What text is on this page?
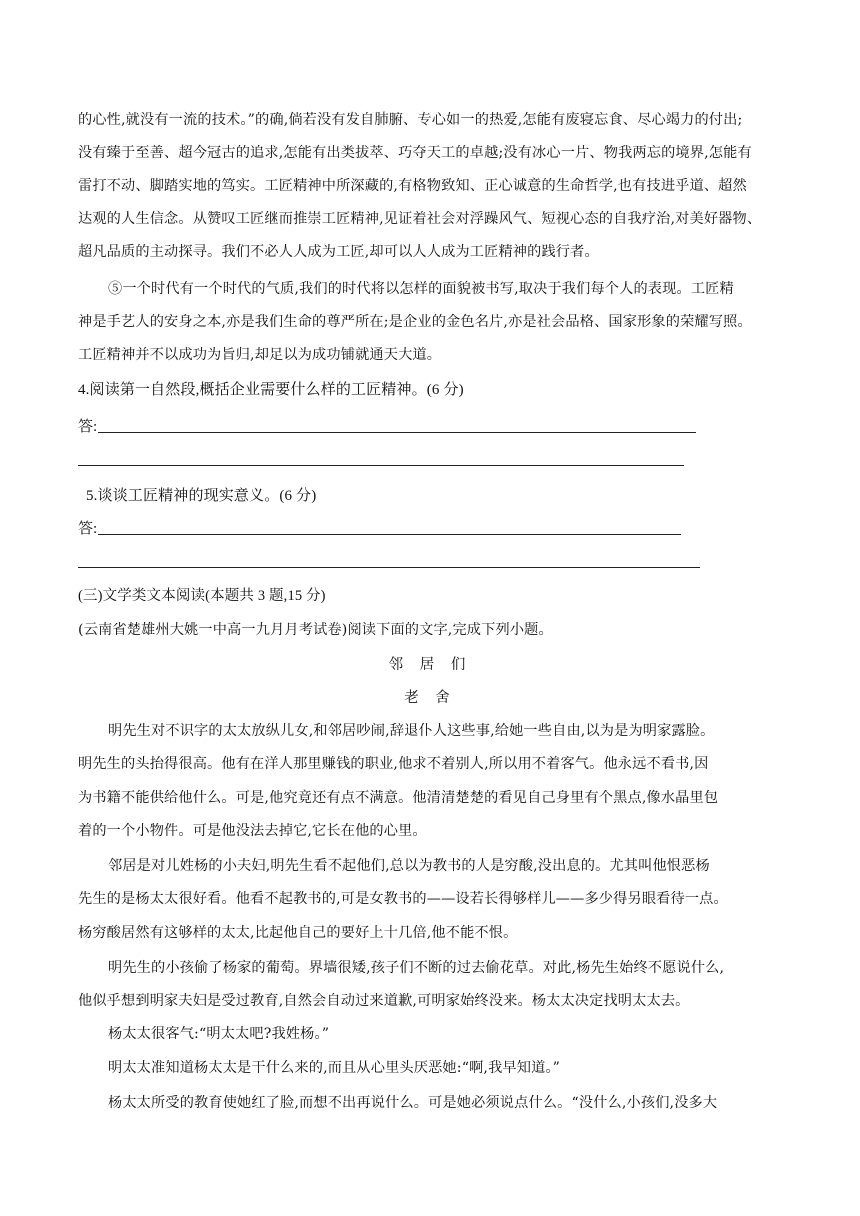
的心性,就没有一流的技术。”的确,倘若没有发自肺腑、专心如一的热爱,怎能有废寝忘食、尽心竭力的付出;
没有臻于至善、超今冠古的追求,怎能有出类拔萃、巧夺天工的卓越;没有冰心一片、物我两忘的境界,怎能有
雷打不动、脚踏实地的笃实。工匠精神中所深藏的,有格物致知、正心诚意的生命哲学,也有技进乎道、超然
达观的人生信念。从赞叹工匠继而推崇工匠精神,见证着社会对浮躁风气、短视心态的自我疗治,对美好器物、
超凡品质的主动探寻。我们不必人人成为工匠,却可以人人成为工匠精神的践行者。
⑤一个时代有一个时代的气质,我们的时代将以怎样的面貌被书写,取决于我们每个人的表现。工匠精
神是手艺人的安身之本,亦是我们生命的尊严所在;是企业的金色名片,亦是社会品格、国家形象的荣耀写照。
工匠精神并不以成功为旨归,却足以为成功铺就通天大道。
4.阅读第一自然段,概括企业需要什么样的工匠精神。(6 分)
答:
5.谈谈工匠精神的现实意义。(6 分)
答:
(三)文学类文本阅读(本题共 3 题,15 分)
(云南省楚雄州大姚一中高一九月月考试卷)阅读下面的文字,完成下列小题。
邻 居 们
老 舍
明先生对不识字的太太放纵儿女,和邻居吵闹,辞退仆人这些事,给她一些自由,以为是为明家露脸。
明先生的头抬得很高。他有在洋人那里赚钱的职业,他求不着别人,所以用不着客气。他永远不看书,因
为书籍不能供给他什么。可是,他究竟还有点不满意。他清清楚楚的看见自己身里有个黑点,像水晶里包
着的一个小物件。可是他没法去掉它,它长在他的心里。
邻居是对儿姓杨的小夫妇,明先生看不起他们,总以为教书的人是穷酸,没出息的。尤其叫他恨恶杨
先生的是杨太太很好看。他看不起教书的,可是女教书的——设若长得够样儿——多少得另眼看待一点。
杨穷酸居然有这够样的太太,比起他自己的要好上十几倍,他不能不恨。
明先生的小孩偷了杨家的葡萄。界墙很矮,孩子们不断的过去偷花草。对此,杨先生始终不愿说什么,
他似乎想到明家夫妇是受过教育,自然会自动过来道歉,可明家始终没来。杨太太决定找明太太去。
杨太太很客气:“明太太吧?我姓杨。”
明太太准知道杨太太是干什么来的,而且从心里头厌恶她:“啊,我早知道。”
杨太太所受的教育使她红了脸,而想不出再说什么。可是她必须说点什么。“没什么,小孩们,没多大
